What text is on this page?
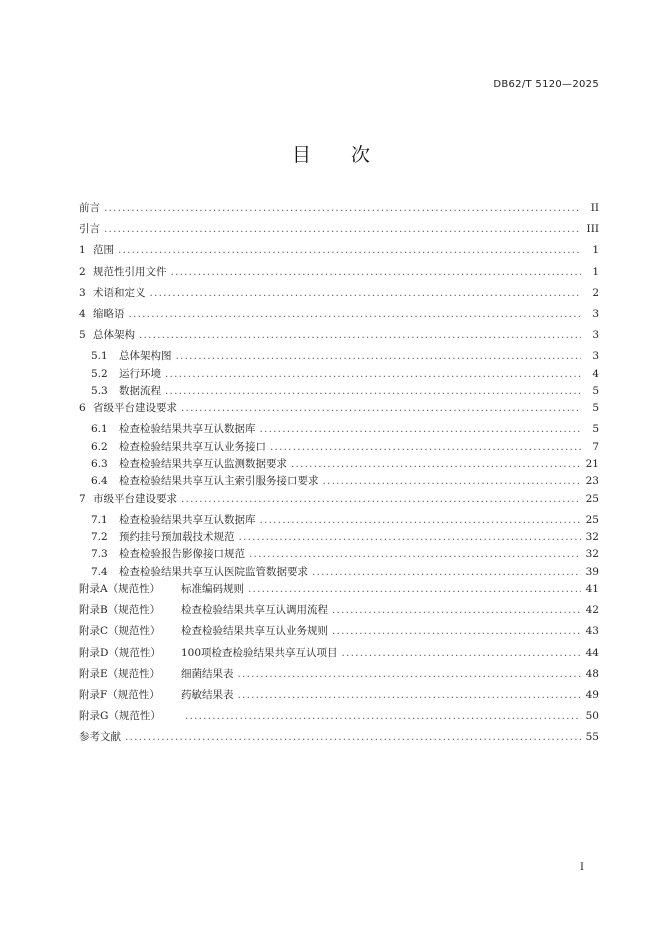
DB62/T 5120—2025
目 次
前言 .....	II
引言 .....	III
1 范围 .....	1
2 规范性引用文件 .....	1
3 术语和定义 .....	2
4 缩略语 .....	3
5 总体架构 .....	3
5.1 总体架构图 .....	3
5.2 运行环境 .....	4
5.3 数据流程 .....	5
6 省级平台建设要求 .....	5
6.1 检查检验结果共享互认数据库 .....	5
6.2 检查检验结果共享互认业务接口 .....	7
6.3 检查检验结果共享互认监测数据要求 .....	21
6.4 检查检验结果共享互认主索引服务接口要求 .....	23
7 市级平台建设要求 .....	25
7.1 检查检验结果共享互认数据库 .....	25
7.2 预约挂号预加载技术规范 .....	32
7.3 检查检验报告影像接口规范 .....	32
7.4 检查检验结果共享互认医院监管数据要求 .....	39
附录A（规范性） 标准编码规则 .....	41
附录B（规范性） 检查检验结果共享互认调用流程 .....	42
附录C（规范性） 检查检验结果共享互认业务规则 .....	43
附录D（规范性） 100项检查检验结果共享互认项目 .....	44
附录E（规范性） 细菌结果表 .....	48
附录F（规范性） 药敏结果表 .....	49
附录G（规范性） .....	50
参考文献 .....	55
I
